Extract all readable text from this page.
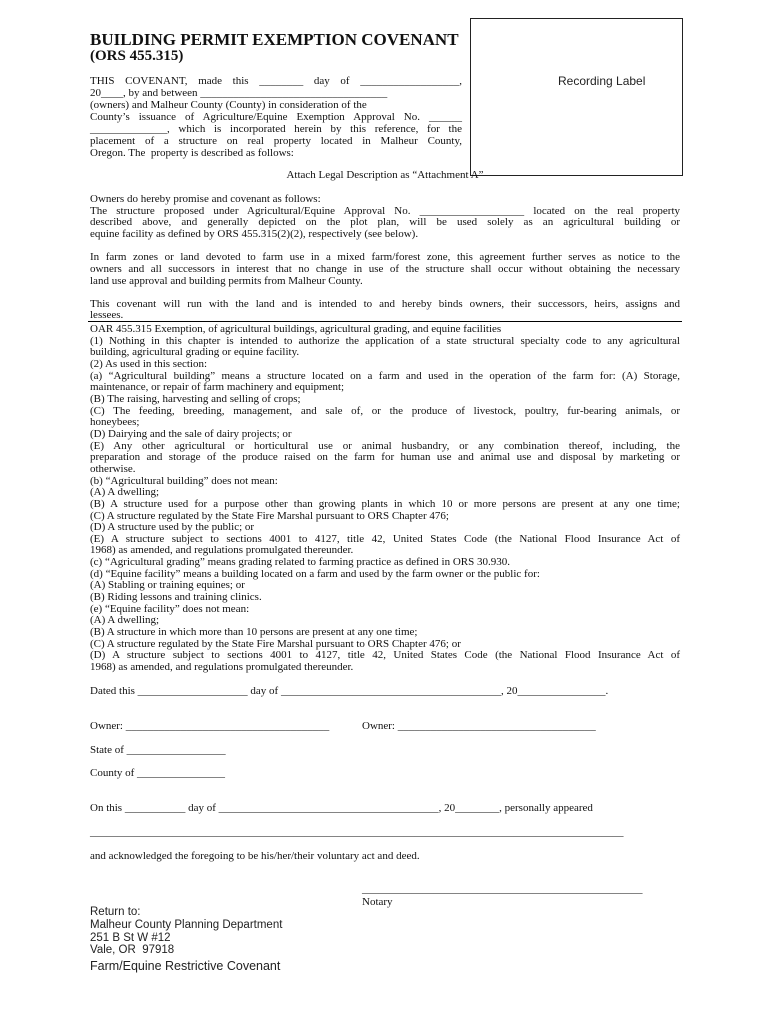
BUILDING PERMIT EXEMPTION COVENANT
(ORS 455.315)
Recording Label
THIS COVENANT, made this ________ day of __________________,
20____, by and between __________________________________
(owners) and Malheur County (County) in consideration of the
County’s issuance of Agriculture/Equine Exemption Approval No. ______
______________, which is incorporated herein by this reference, for the
placement of a structure on real property located in Malheur County,
Oregon. The  property is described as follows:
Attach Legal Description as “Attachment A”
Owners do hereby promise and covenant as follows:
The structure proposed under Agricultural/Equine Approval No. ___________________ located on the real property
described above, and generally depicted on the plot plan, will be used solely as an agricultural building or
equine facility as defined by ORS 455.315(2)(2), respectively (see below).
In farm zones or land devoted to farm use in a mixed farm/forest zone, this agreement further serves as notice to the
owners and all successors in interest that no change in use of the structure shall occur without obtaining the necessary
land use approval and building permits from Malheur County.
This covenant will run with the land and is intended to and hereby binds owners, their successors, heirs, assigns and
lessees.
OAR 455.315 Exemption, of agricultural buildings, agricultural grading, and equine facilities
(1) Nothing in this chapter is intended to authorize the application of a state structural specialty code to any agricultural
building, agricultural grading or equine facility.
(2) As used in this section:
(a) “Agricultural building” means a structure located on a farm and used in the operation of the farm for: (A) Storage,
maintenance, or repair of farm machinery and equipment;
(B) The raising, harvesting and selling of crops;
(C) The feeding, breeding, management, and sale of, or the produce of livestock, poultry, fur-bearing animals, or
honeybees;
(D) Dairying and the sale of dairy projects; or
(E) Any other agricultural or horticultural use or animal husbandry, or any combination thereof, including, the
preparation and storage of the produce raised on the farm for human use and animal use and disposal by marketing or
otherwise.
(b) “Agricultural building” does not mean:
(A) A dwelling;
(B) A structure used for a purpose other than growing plants in which 10 or more persons are present at any one time;
(C) A structure regulated by the State Fire Marshal pursuant to ORS Chapter 476;
(D) A structure used by the public; or
(E) A structure subject to sections 4001 to 4127, title 42, United States Code (the National Flood Insurance Act of
1968) as amended, and regulations promulgated thereunder.
(c) “Agricultural grading” means grading related to farming practice as defined in ORS 30.930.
(d) “Equine facility” means a building located on a farm and used by the farm owner or the public for:
(A) Stabling or training equines; or
(B) Riding lessons and training clinics.
(e) “Equine facility” does not mean:
(A) A dwelling;
(B) A structure in which more than 10 persons are present at any one time;
(C) A structure regulated by the State Fire Marshal pursuant to ORS Chapter 476; or
(D) A structure subject to sections 4001 to 4127, title 42, United States Code (the National Flood Insurance Act of
1968) as amended, and regulations promulgated thereunder.
Dated this ____________________ day of ________________________________________, 20________________.
Owner: _____________________________________	Owner: ____________________________________
State of __________________
County of ________________
On this ___________ day of ________________________________________, 20________, personally appeared
_________________________________________________________________________________________________
and acknowledged the foregoing to be his/her/their voluntary act and deed.
___________________________________________________
Notary
Return to:
Malheur County Planning Department
251 B St W #12
Vale, OR  97918
Farm/Equine Restrictive Covenant
